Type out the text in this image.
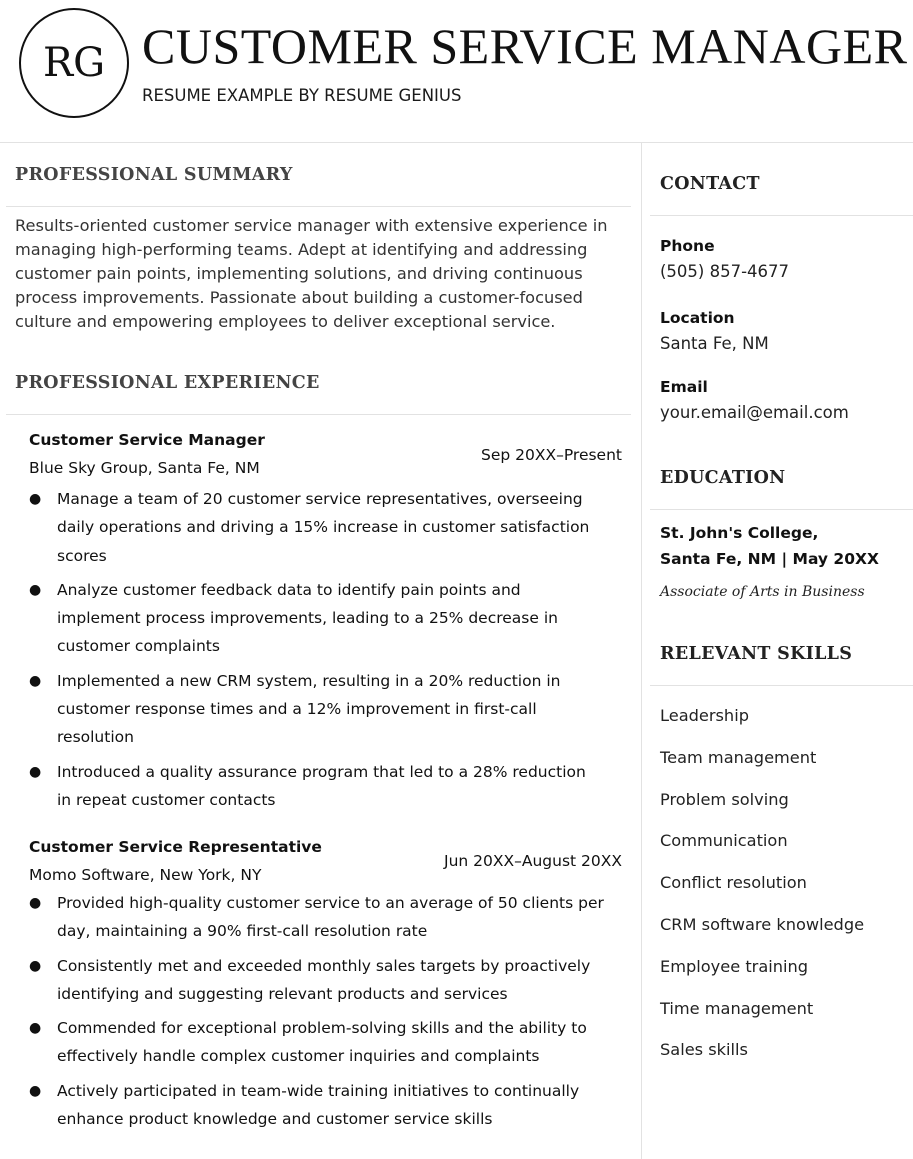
RG CUSTOMER SERVICE MANAGER
RESUME EXAMPLE BY RESUME GENIUS
PROFESSIONAL SUMMARY
Results-oriented customer service manager with extensive experience in managing high-performing teams. Adept at identifying and addressing customer pain points, implementing solutions, and driving continuous process improvements. Passionate about building a customer-focused culture and empowering employees to deliver exceptional service.
PROFESSIONAL EXPERIENCE
Customer Service Manager
Blue Sky Group, Santa Fe, NM
Sep 20XX–Present
● Manage a team of 20 customer service representatives, overseeing daily operations and driving a 15% increase in customer satisfaction scores
● Analyze customer feedback data to identify pain points and implement process improvements, leading to a 25% decrease in customer complaints
● Implemented a new CRM system, resulting in a 20% reduction in customer response times and a 12% improvement in first-call resolution
● Introduced a quality assurance program that led to a 28% reduction in repeat customer contacts
Customer Service Representative
Momo Software, New York, NY
Jun 20XX–August 20XX
● Provided high-quality customer service to an average of 50 clients per day, maintaining a 90% first-call resolution rate
● Consistently met and exceeded monthly sales targets by proactively identifying and suggesting relevant products and services
● Commended for exceptional problem-solving skills and the ability to effectively handle complex customer inquiries and complaints
● Actively participated in team-wide training initiatives to continually enhance product knowledge and customer service skills
CONTACT
Phone
(505) 857-4677
Location
Santa Fe, NM
Email
your.email@email.com
EDUCATION
St. John's College,
Santa Fe, NM | May 20XX
Associate of Arts in Business
RELEVANT SKILLS
Leadership
Team management
Problem solving
Communication
Conflict resolution
CRM software knowledge
Employee training
Time management
Sales skills
